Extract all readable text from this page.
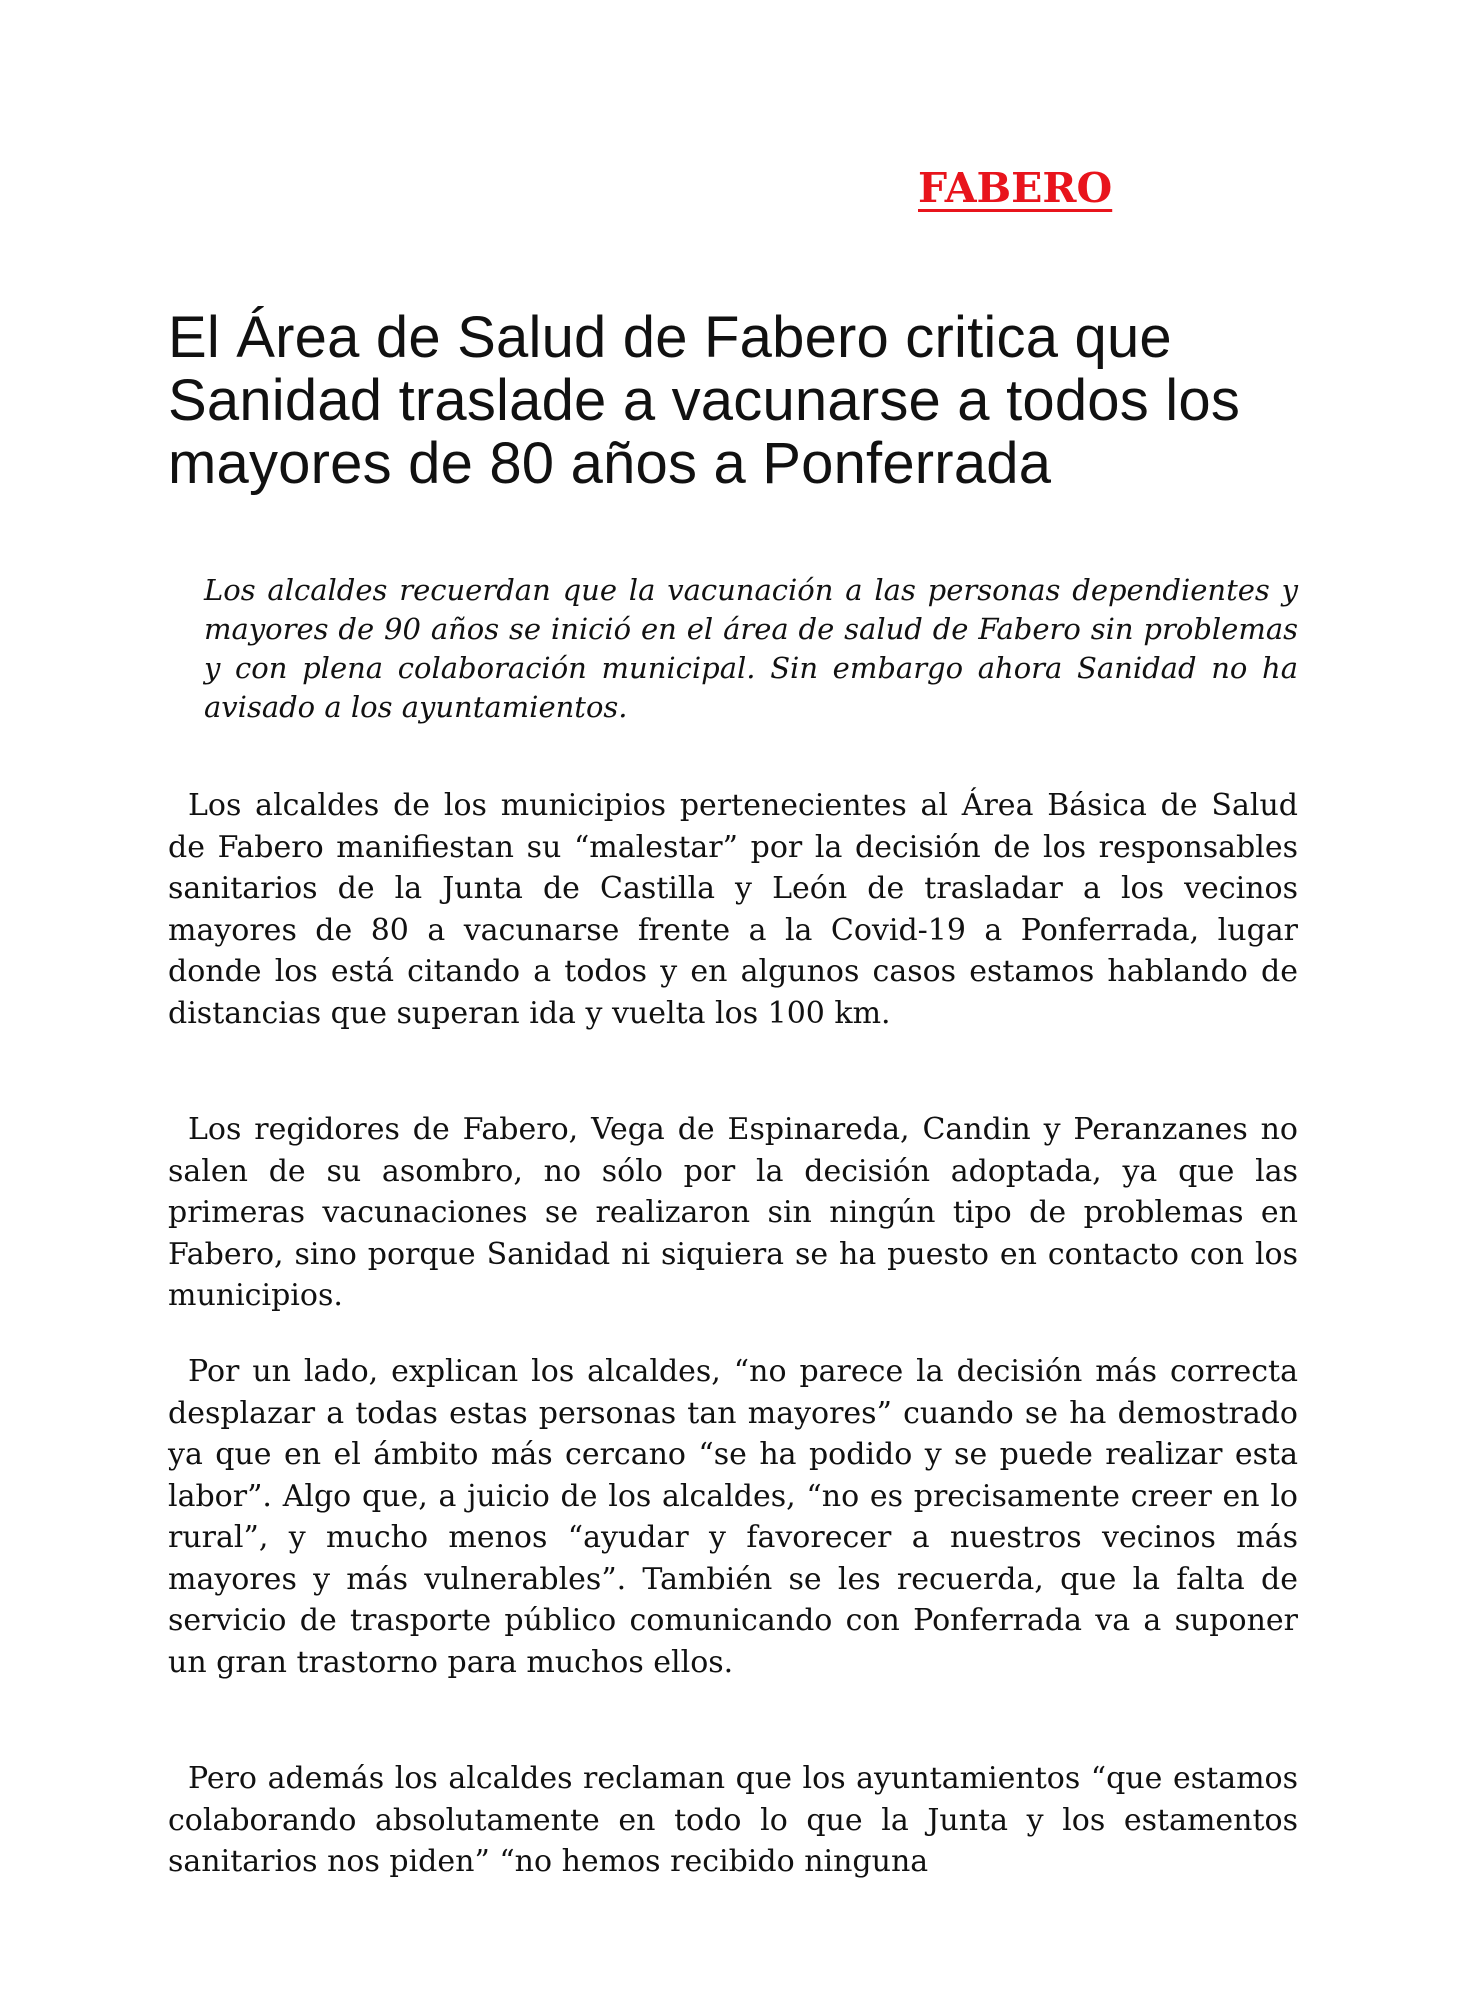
FABERO

El Área de Salud de Fabero critica que Sanidad traslade a vacunarse a todos los mayores de 80 años a Ponferrada

Los alcaldes recuerdan que la vacunación a las personas dependientes y mayores de 90 años se inició en el área de salud de Fabero sin problemas y con plena colaboración municipal. Sin embargo ahora Sanidad no ha avisado a los ayuntamientos.

Los alcaldes de los municipios pertenecientes al Área Básica de Salud de Fabero manifiestan su “malestar” por la decisión de los responsables sanitarios de la Junta de Castilla y León de trasladar a los vecinos mayores de 80 a vacunarse frente a la Covid-19 a Ponferrada, lugar donde los está citando a todos y en algunos casos estamos hablando de distancias que superan ida y vuelta los 100 km.

Los regidores de Fabero, Vega de Espinareda, Candin y Peranzanes no salen de su asombro, no sólo por la decisión adoptada, ya que las primeras vacunaciones se realizaron sin ningún tipo de problemas en Fabero, sino porque Sanidad ni siquiera se ha puesto en contacto con los municipios.

Por un lado, explican los alcaldes, “no parece la decisión más correcta desplazar a todas estas personas tan mayores” cuando se ha demostrado ya que en el ámbito más cercano “se ha podido y se puede realizar esta labor”. Algo que, a juicio de los alcaldes, “no es precisamente creer en lo rural”, y mucho menos “ayudar y favorecer a nuestros vecinos más mayores y más vulnerables”. También se les recuerda, que la falta de servicio de trasporte público comunicando con Ponferrada va a suponer un gran trastorno para muchos ellos.

Pero además los alcaldes reclaman que los ayuntamientos “que estamos colaborando absolutamente en todo lo que la Junta y los estamentos sanitarios nos piden” “no hemos recibido ninguna
